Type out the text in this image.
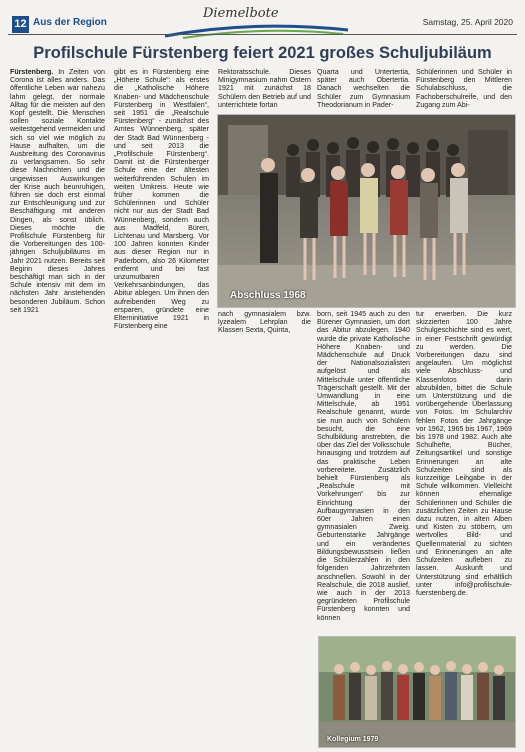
12 Aus der Region
Diemelbote
Samstag, 25. April 2020
Profilschule Fürstenberg feiert 2021 großes Schuljubiläum
Fürstenberg. In Zeiten von Corona ist alles anders. Das öffentliche Leben war nahezu lahm gelegt, der normale Alltag für die meisten auf den Kopf gestellt. Die Menschen sollen soziale Kontakte weitestgehend vermeiden und sich so viel wie möglich zu Hause aufhalten, um die Ausbreitung des Coronavirus zu verlangsamen. So sehr diese Nachrichten und die ungewissen Auswirkungen der Krise auch beunruhigen, führen sie doch erst einmal zur Entschleunigung und zur Beschäftigung mit anderen Dingen, als sonst üblich. Dieses möchte die Profilschule Fürstenberg für die Vorbereitungen des 100-jährigen Schuljubiläums im Jahr 2021 nutzen. Bereits seit Beginn dieses Jahres beschäftigt man sich in der Schule intensiv mit dem im nächsten Jahr anstehenden besonderen Jubiläum. Schon seit 1921
gibt es in Fürstenberg eine „Höhere Schule“: als erstes die „Katholische Höhere Knaben- und Mädchenschule Fürstenberg in Westfalen“, seit 1951 die „Realschule Fürstenberg“ - zunächst des Amtes Wünnenberg, später der Stadt Bad Wünnenberg - und seit 2013 die „Profilschule Fürstenberg“. Damit ist die Fürstenberger Schule eine der ältesten weiterführenden Schulen im weiten Umkreis. Heute wie früher kommen die Schülerinnen und Schüler nicht nur aus der Stadt Bad Wünnenberg, sondern auch aus Madfeld, Büren, Lichtenau und Marsberg. Vor 100 Jahren konnten Kinder aus dieser Region nur in Paderborn, also 26 Kilometer entfernt und bei fast unzumutbaren Verkehrsanbindungen, das Abitur ablegen. Um ihnen den aufreibenden Weg zu ersparen, gründete eine Elterninitiative 1921 in Fürstenberg eine
Rektoratsschule. Dieses Minigymnasium nahm Ostern 1921 mit zunächst 18 Schülern den Betrieb auf und unterrichtete fortan
Quarta und Untertertia, später auch Obertertia. Danach wechselten die Schüler zum Gymnasium Theodorianum in Pader-
Schülerinnen und Schüler in Fürstenberg den Mittleren Schulabschluss, die Fachoberschulreife, und den Zugang zum Abi-
Abschluss 1968
nach gymnasialem bzw. lyzealem Lehrplan die Klassen Sexta, Quinta,
born, seit 1945 auch zu den Bürener Gymnasien, um dort das Abitur abzulegen. 1940 wurde die private Katholische Höhere Knaben- und Mädchenschule auf Druck der Nationalsozialisten aufgelöst und als Mittelschule unter öffentliche Trägerschaft gestellt. Mit der Umwandlung in eine Mittelschule, ab 1951 Realschule genannt, wurde sie nun auch von Schülern besucht, die eine Schulbildung anstrebten, die über das Ziel der Volksschule hinausging und trotzdem auf das praktische Leben vorbereitete. Zusätzlich behielt Fürstenberg als „Realschule mit Vorkehrungen“ bis zur Einrichtung der Aufbaugymnasien in den 60er Jahren einen gymnasialen Zweig. Geburtenstarke Jahrgänge und ein verändertes Bildungsbewusstsein ließen die Schülerzahlen in den folgenden Jahrzehnten anschnellen. Sowohl in der Realschule, die 2018 auslief, wie auch in der 2013 gegründeten Profilschule Fürstenberg konnten und können
tur erwerben. Die kurz skizzierten 100 Jahre Schulgeschichte sind es wert, in einer Festschrift gewürdigt zu werden. Die Vorbereitungen dazu sind angelaufen. Um möglichst viele Abschluss- und Klassenfotos darin abzubilden, bittet die Schule um Unterstützung und die vorübergehende Überlassung von Fotos. Im Schularchiv fehlen Fotos der Jahrgänge vor 1962, 1965 bis 1967, 1969 bis 1978 und 1982. Auch alte Schulhefte, Bücher, Zeitungsartikel und sonstige Erinnerungen an alte Schulzeiten sind als kurzzeitige Leihgabe in der Schule willkommen. Vielleicht können ehemalige Schülerinnen und Schüler die zusätzlichen Zeiten zu Hause dazu nutzen, in alten Alben und Kisten zu stöbern, um wertvolles Bild- und Quellenmaterial zu sichten und Erinnerungen an alte Schulzeiten aufleben zu lassen. Auskunft und Unterstützung sind erhältlich unter info@profilschule-fuerstenberg.de.
Kollegium 1979
